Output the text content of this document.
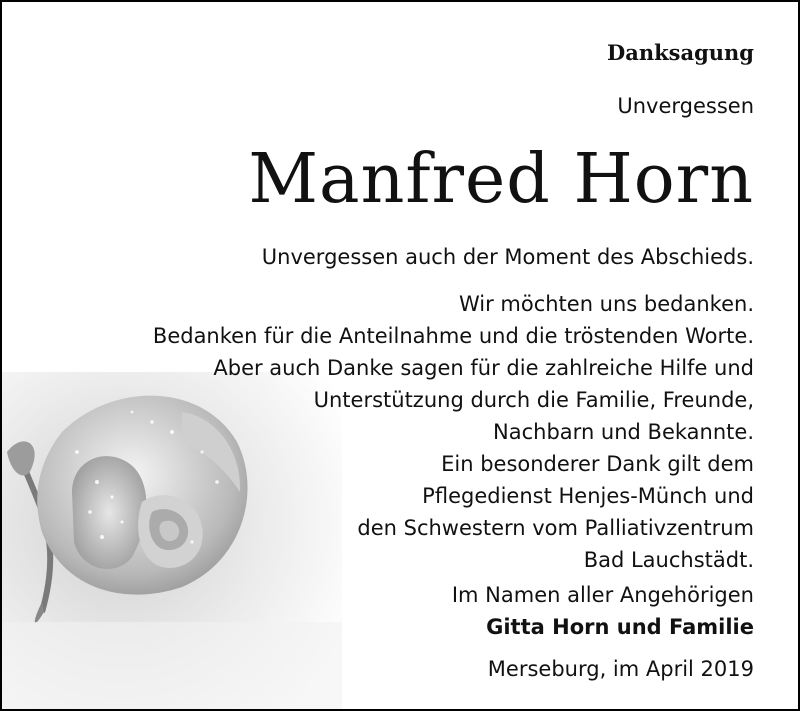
Danksagung
Unvergessen
Manfred Horn
Unvergessen auch der Moment des Abschieds.
Wir möchten uns bedanken.
Bedanken für die Anteilnahme und die tröstenden Worte.
Aber auch Danke sagen für die zahlreiche Hilfe und
Unterstützung durch die Familie, Freunde,
Nachbarn und Bekannte.
Ein besonderer Dank gilt dem
Pflegedienst Henjes-Münch und
den Schwestern vom Palliativzentrum
Bad Lauchstädt.
Im Namen aller Angehörigen
Gitta Horn und Familie
Merseburg, im April 2019
